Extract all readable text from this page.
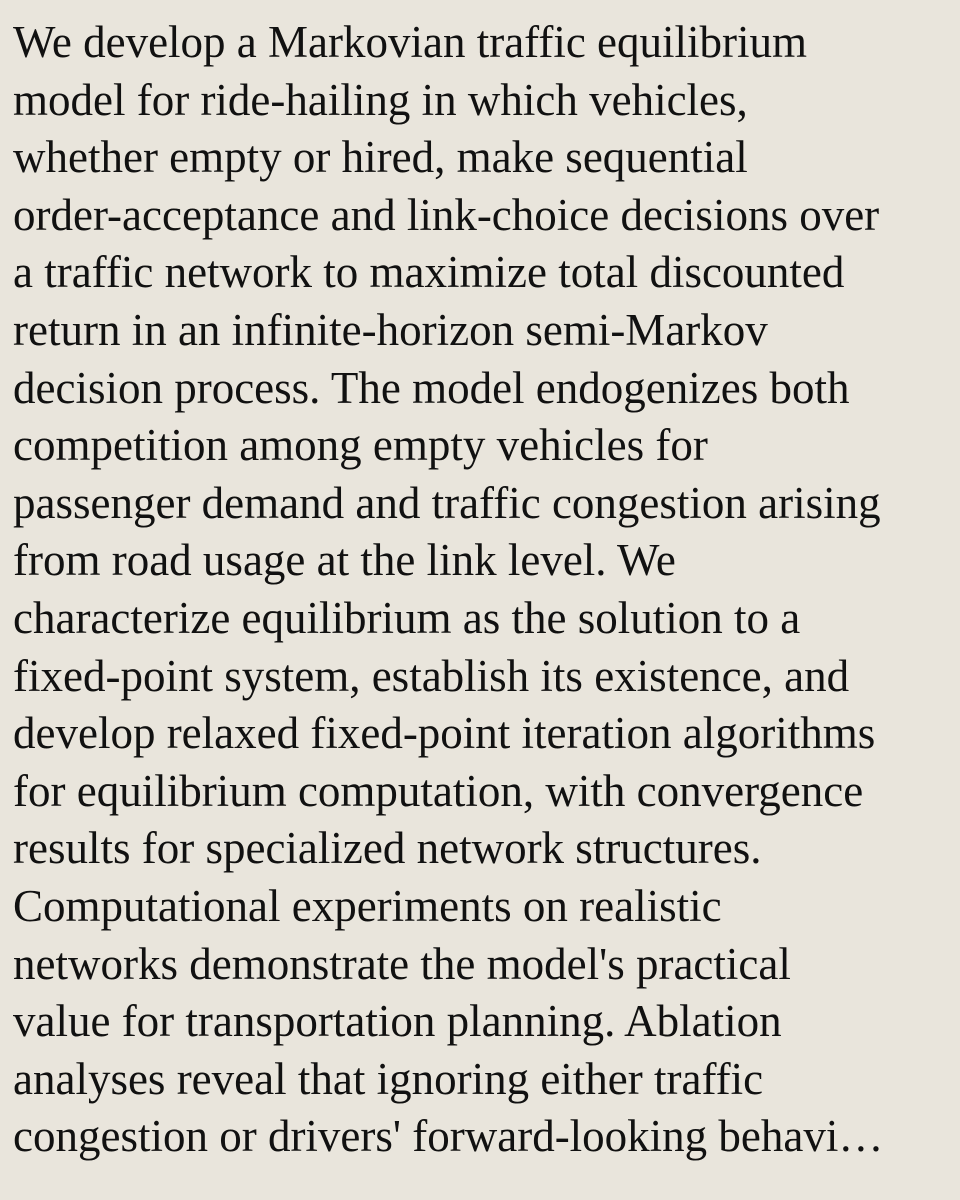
We develop a Markovian traffic equilibrium
model for ride-hailing in which vehicles,
whether empty or hired, make sequential
order-acceptance and link-choice decisions over
a traffic network to maximize total discounted
return in an infinite-horizon semi-Markov
decision process. The model endogenizes both
competition among empty vehicles for
passenger demand and traffic congestion arising
from road usage at the link level. We
characterize equilibrium as the solution to a
fixed-point system, establish its existence, and
develop relaxed fixed-point iteration algorithms
for equilibrium computation, with convergence
results for specialized network structures.
Computational experiments on realistic
networks demonstrate the model's practical
value for transportation planning. Ablation
analyses reveal that ignoring either traffic
congestion or drivers' forward-looking behavi…
